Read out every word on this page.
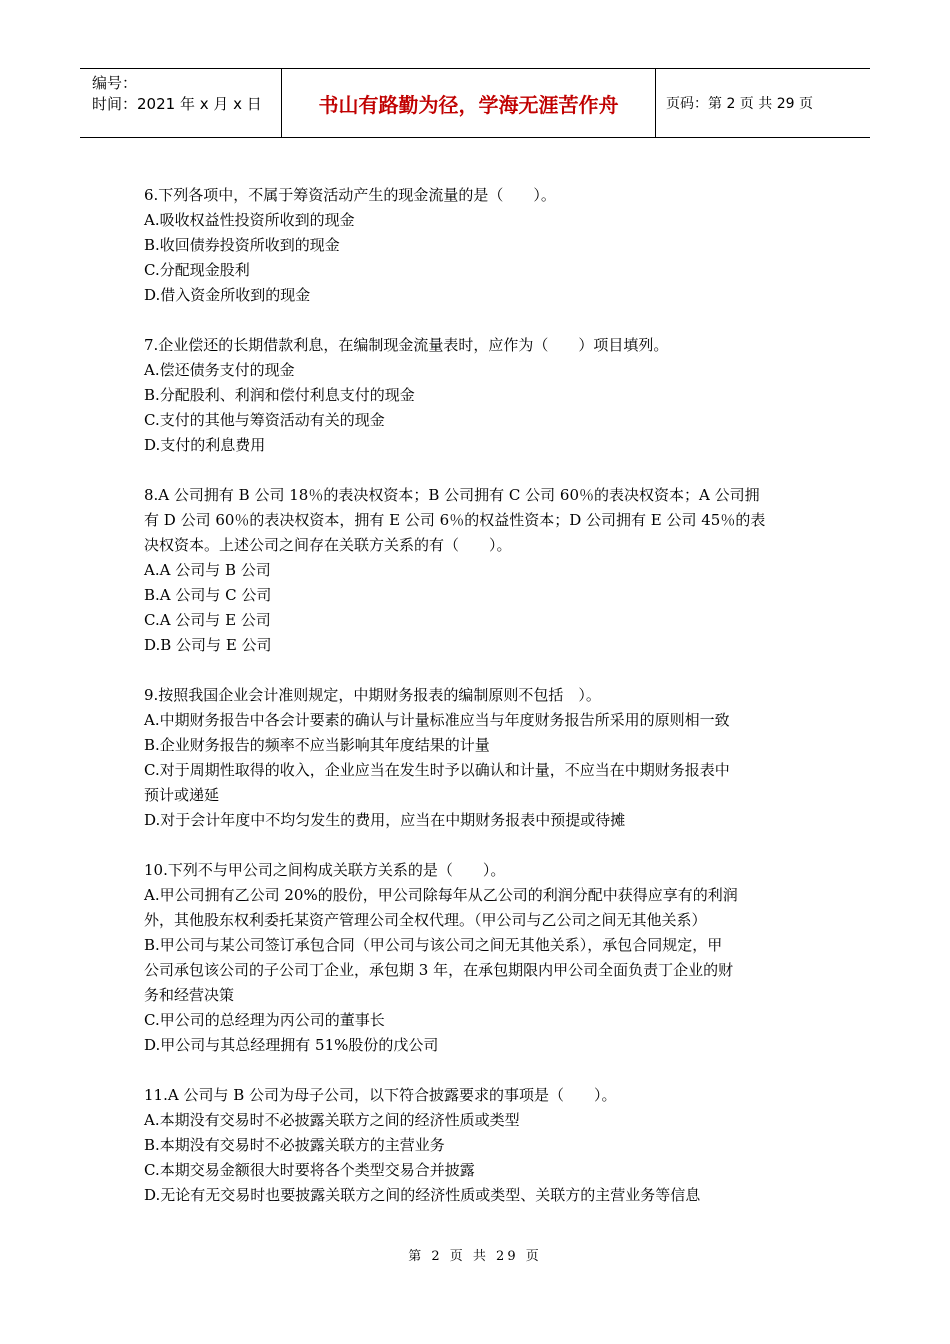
编号：
时间：2021 年 x 月 x 日	书山有路勤为径，学海无涯苦作舟	页码：第 2 页 共 29 页

6.下列各项中，不属于筹资活动产生的现金流量的是（　　）。

A.吸收权益性投资所收到的现金

B.收回债券投资所收到的现金

C.分配现金股利

D.借入资金所收到的现金

7.企业偿还的长期借款利息，在编制现金流量表时，应作为（　　）项目填列。

A.偿还债务支付的现金

B.分配股利、利润和偿付利息支付的现金

C.支付的其他与筹资活动有关的现金

D.支付的利息费用

8.A 公司拥有 B 公司 18％的表决权资本；B 公司拥有 C 公司 60％的表决权资本；A 公司拥

有 D 公司 60％的表决权资本，拥有 E 公司 6％的权益性资本；D 公司拥有 E 公司 45％的表

决权资本。上述公司之间存在关联方关系的有（　　）。

A.A 公司与 B 公司

B.A 公司与 C 公司

C.A 公司与 E 公司

D.B 公司与 E 公司

9.按照我国企业会计准则规定，中期财务报表的编制原则不包括　）。

A.中期财务报告中各会计要素的确认与计量标准应当与年度财务报告所采用的原则相一致

B.企业财务报告的频率不应当影响其年度结果的计量

C.对于周期性取得的收入，企业应当在发生时予以确认和计量，不应当在中期财务报表中

预计或递延

D.对于会计年度中不均匀发生的费用，应当在中期财务报表中预提或待摊

10.下列不与甲公司之间构成关联方关系的是（　　）。

A.甲公司拥有乙公司 20%的股份，甲公司除每年从乙公司的利润分配中获得应享有的利润

外，其他股东权利委托某资产管理公司全权代理。（甲公司与乙公司之间无其他关系）

B.甲公司与某公司签订承包合同（甲公司与该公司之间无其他关系），承包合同规定，甲

公司承包该公司的子公司丁企业，承包期 3 年，在承包期限内甲公司全面负责丁企业的财

务和经营决策

C.甲公司的总经理为丙公司的董事长

D.甲公司与其总经理拥有 51%股份的戊公司

11.A 公司与 B 公司为母子公司，以下符合披露要求的事项是（　　）。

A.本期没有交易时不必披露关联方之间的经济性质或类型

B.本期没有交易时不必披露关联方的主营业务

C.本期交易金额很大时要将各个类型交易合并披露

D.无论有无交易时也要披露关联方之间的经济性质或类型、关联方的主营业务等信息

第 2 页 共 29 页
